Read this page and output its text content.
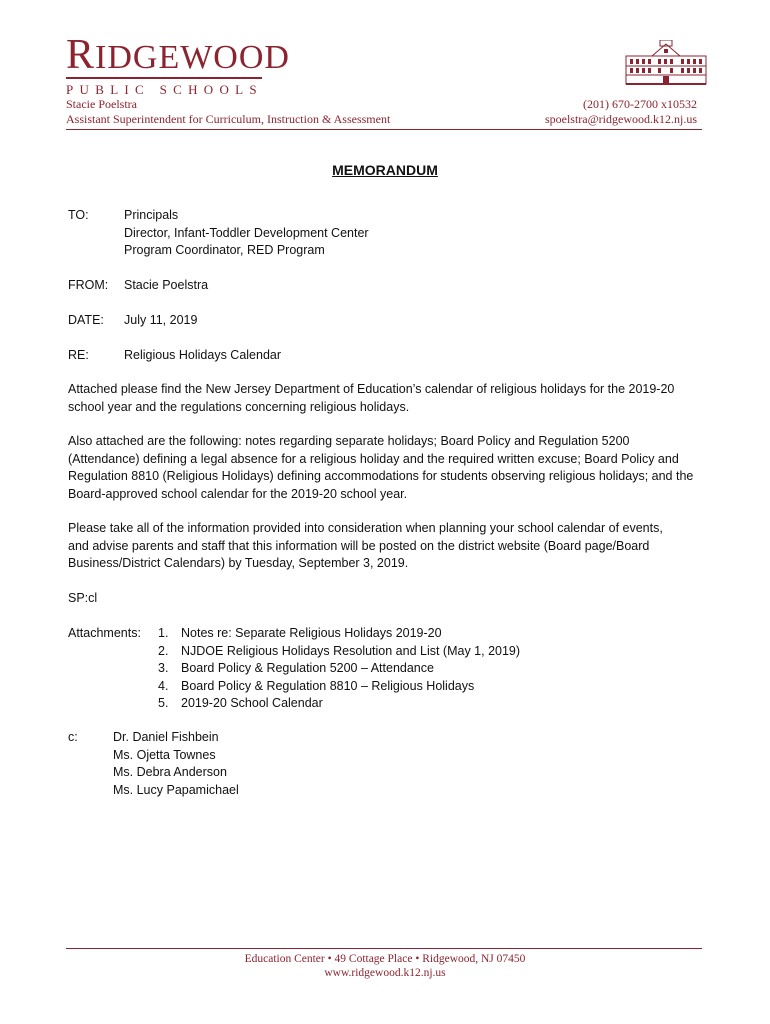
RIDGEWOOD
PUBLIC SCHOOLS
Stacie Poelstra
Assistant Superintendent for Curriculum, Instruction & Assessment
(201) 670-2700 x10532
spoelstra@ridgewood.k12.nj.us
MEMORANDUM
TO:	Principals
Director, Infant-Toddler Development Center
Program Coordinator, RED Program
FROM: Stacie Poelstra
DATE: July 11, 2019
RE:	Religious Holidays Calendar
Attached please find the New Jersey Department of Education’s calendar of religious holidays for the 2019-20
school year and the regulations concerning religious holidays.
Also attached are the following: notes regarding separate holidays; Board Policy and Regulation 5200
(Attendance) defining a legal absence for a religious holiday and the required written excuse; Board Policy and
Regulation 8810 (Religious Holidays) defining accommodations for students observing religious holidays; and the
Board-approved school calendar for the 2019-20 school year.
Please take all of the information provided into consideration when planning your school calendar of events,
and advise parents and staff that this information will be posted on the district website (Board page/Board
Business/District Calendars) by Tuesday, September 3, 2019.
SP:cl
Attachments: 1.	Notes re: Separate Religious Holidays 2019-20
2.	NJDOE Religious Holidays Resolution and List (May 1, 2019)
3.	Board Policy & Regulation 5200 – Attendance
4.	Board Policy & Regulation 8810 – Religious Holidays
5.	2019-20 School Calendar
c:	Dr. Daniel Fishbein
Ms. Ojetta Townes
Ms. Debra Anderson
Ms. Lucy Papamichael
Education Center • 49 Cottage Place • Ridgewood, NJ 07450
www.ridgewood.k12.nj.us
